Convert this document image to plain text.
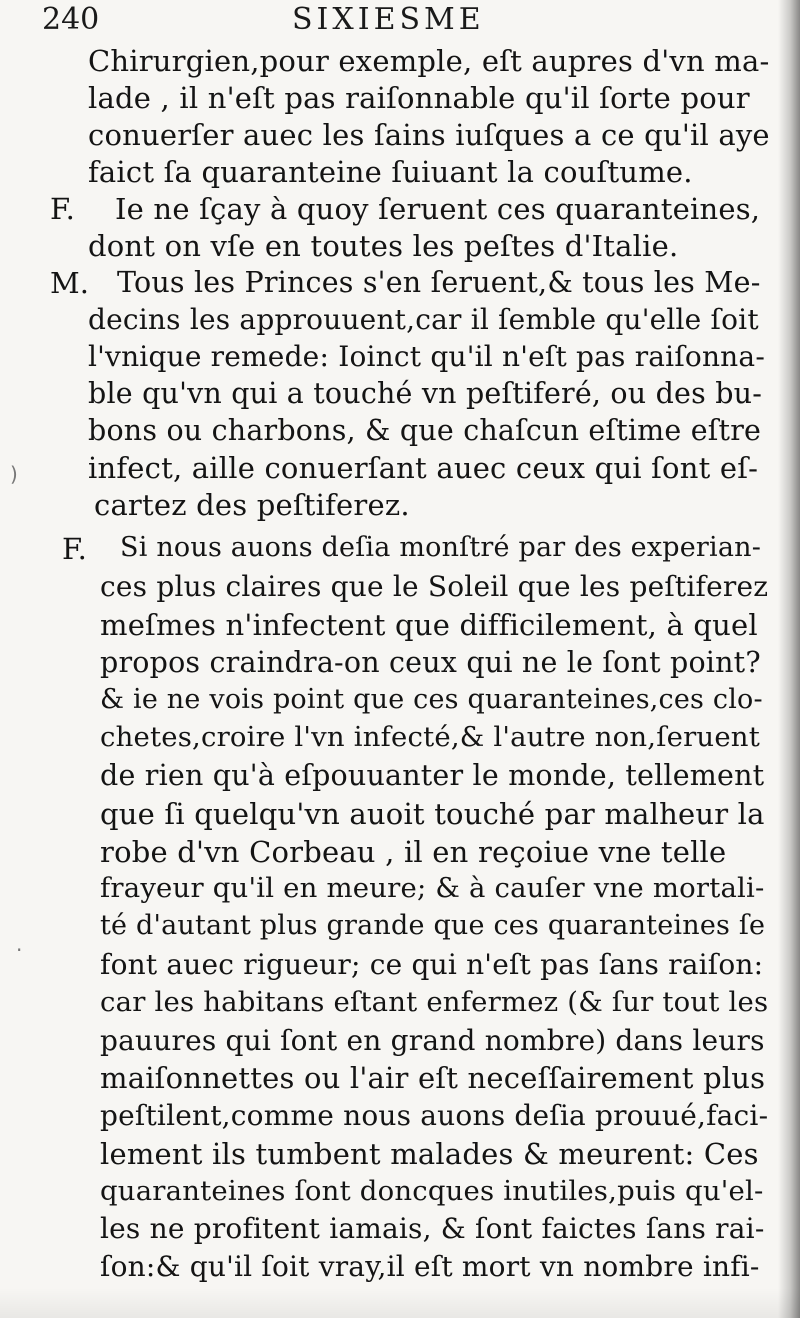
240	SIXIESME
Chirurgien,pour exemple, eſt aupres d'vn ma-
lade , il n'eſt pas raiſonnable qu'il ſorte pour
conuerſer auec les ſains iuſques a ce qu'il aye
faict ſa quaranteine ſuiuant la couſtume.
F. Ie ne ſçay à quoy ſeruent ces quaranteines,
dont on vſe en toutes les peſtes d'Italie.
M. Tous les Princes s'en ſeruent,& tous les Me-
decins les approuuent,car il ſemble qu'elle ſoit
l'vnique remede: Ioinct qu'il n'eſt pas raiſonna-
ble qu'vn qui a touché vn peſtiferé, ou des bu-
bons ou charbons, & que chaſcun eſtime eſtre
infect, aille conuerſant auec ceux qui ſont eſ-
cartez des peſtiferez.
F. Si nous auons deſia monſtré par des experian-
ces plus claires que le Soleil que les peſtiferez
meſmes n'infectent que difficilement, à quel
propos craindra-on ceux qui ne le ſont point?
& ie ne vois point que ces quaranteines,ces clo-
chetes,croire l'vn infecté,& l'autre non,ſeruent
de rien qu'à eſpouuanter le monde, tellement
que ſi quelqu'vn auoit touché par malheur la
robe d'vn Corbeau , il en reçoiue vne telle
frayeur qu'il en meure; & à cauſer vne mortali-
té d'autant plus grande que ces quaranteines ſe
font auec rigueur; ce qui n'eſt pas ſans raiſon:
car les habitans eſtant enfermez (& ſur tout les
pauures qui ſont en grand nombre) dans leurs
maiſonnettes ou l'air eſt neceſſairement plus
peſtilent,comme nous auons deſia prouué,faci-
lement ils tumbent malades & meurent: Ces
quaranteines ſont doncques inutiles,puis qu'el-
les ne profitent iamais, & ſont faictes ſans rai-
ſon:& qu'il ſoit vray,il eſt mort vn nombre infi-
)
·
